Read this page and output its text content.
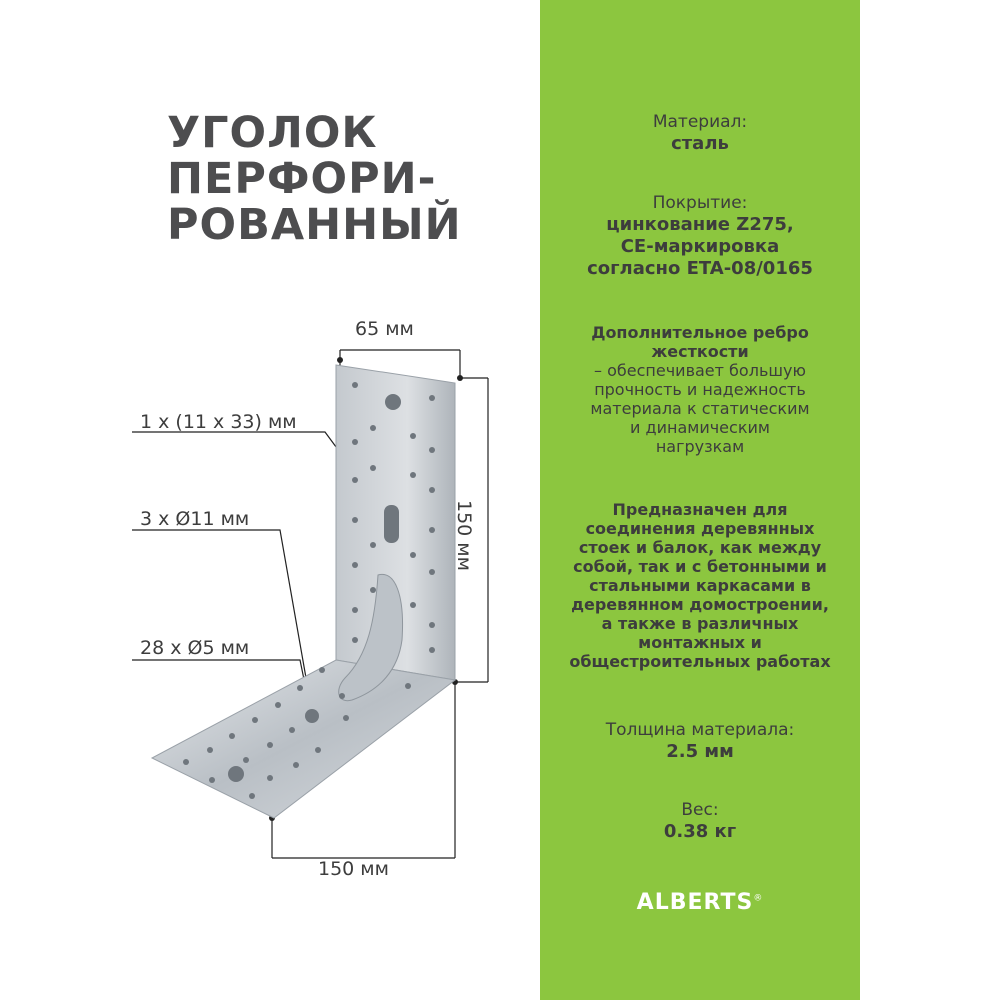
УГОЛОК
ПЕРФОРИ-
РОВАННЫЙ
65 мм
150 мм
150 мм
1 x (11 x 33) мм
3 x Ø11 мм
28 x Ø5 мм
Материал:
сталь
Покрытие:
цинкование Z275,
CE-маркировка
согласно ETA-08/0165
Дополнительное ребро
жесткости
– обеспечивает большую
прочность и надежность
материала к статическим
и динамическим
нагрузкам
Предназначен для
соединения деревянных
стоек и балок, как между
собой, так и с бетонными и
стальными каркасами в
деревянном домостроении,
а также в различных
монтажных и
общестроительных работах
Толщина материала:
2.5 мм
Вес:
0.38 кг
ALBERTS®
